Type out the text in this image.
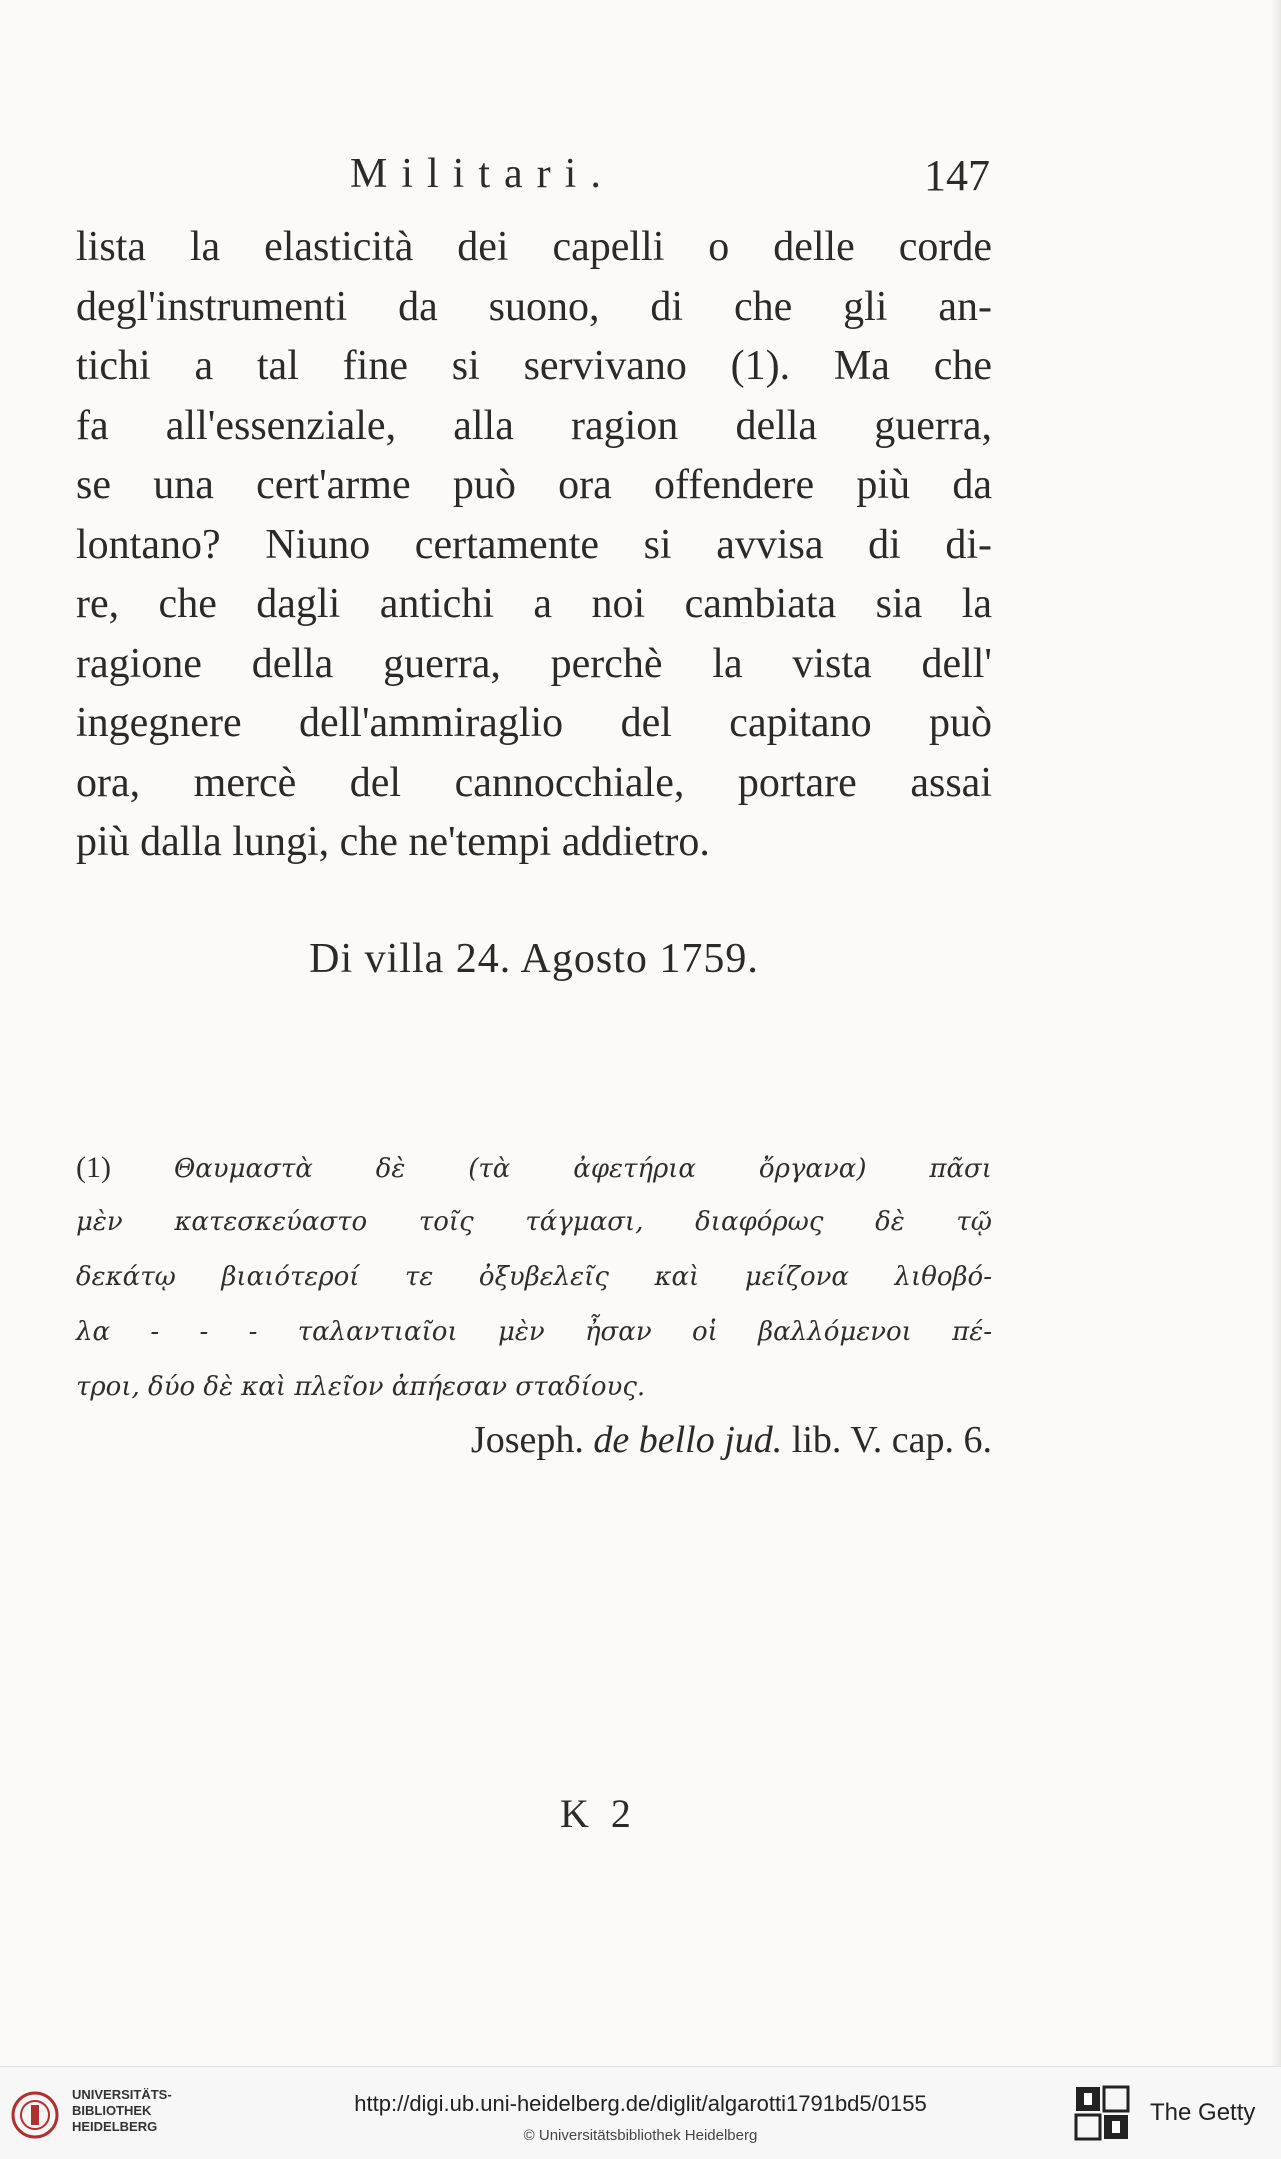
Militari.	147
lista la elasticità dei capelli o delle corde
degl'instrumenti da suono, di che gli an-
tichi a tal fine si servivano (1). Ma che
fa all'essenziale, alla ragion della guerra,
se una cert'arme può ora offendere più da
lontano? Niuno certamente si avvisa di di-
re, che dagli antichi a noi cambiata sia la
ragione della guerra, perchè la vista dell'
ingegnere dell'ammiraglio del capitano può
ora, mercè del cannocchiale, portare assai
più dalla lungi, che ne'tempi addietro.
Di villa 24. Agosto 1759.
(1) Θαυμαστὰ δὲ (τὰ ἀφετήρια ὄργανα) πᾶσι
μὲν κατεσκεύαστο τοῖς τάγμασι, διαφόρως δὲ τῷ
δεκάτῳ βιαιότεροί τε ὀξυβελεῖς καὶ μείζονα λιθοβό-
λα - - - ταλαντιαῖοι μὲν ἦσαν οἱ βαλλόμενοι πέ-
τροι, δύο δὲ καὶ πλεῖον ἀπήεσαν σταδίους.
Joseph. de bello jud. lib. V. cap. 6.
K 2
UNIVERSITÄTS-
BIBLIOTHEK
HEIDELBERG
http://digi.ub.uni-heidelberg.de/diglit/algarotti1791bd5/0155
© Universitätsbibliothek Heidelberg
The Getty
